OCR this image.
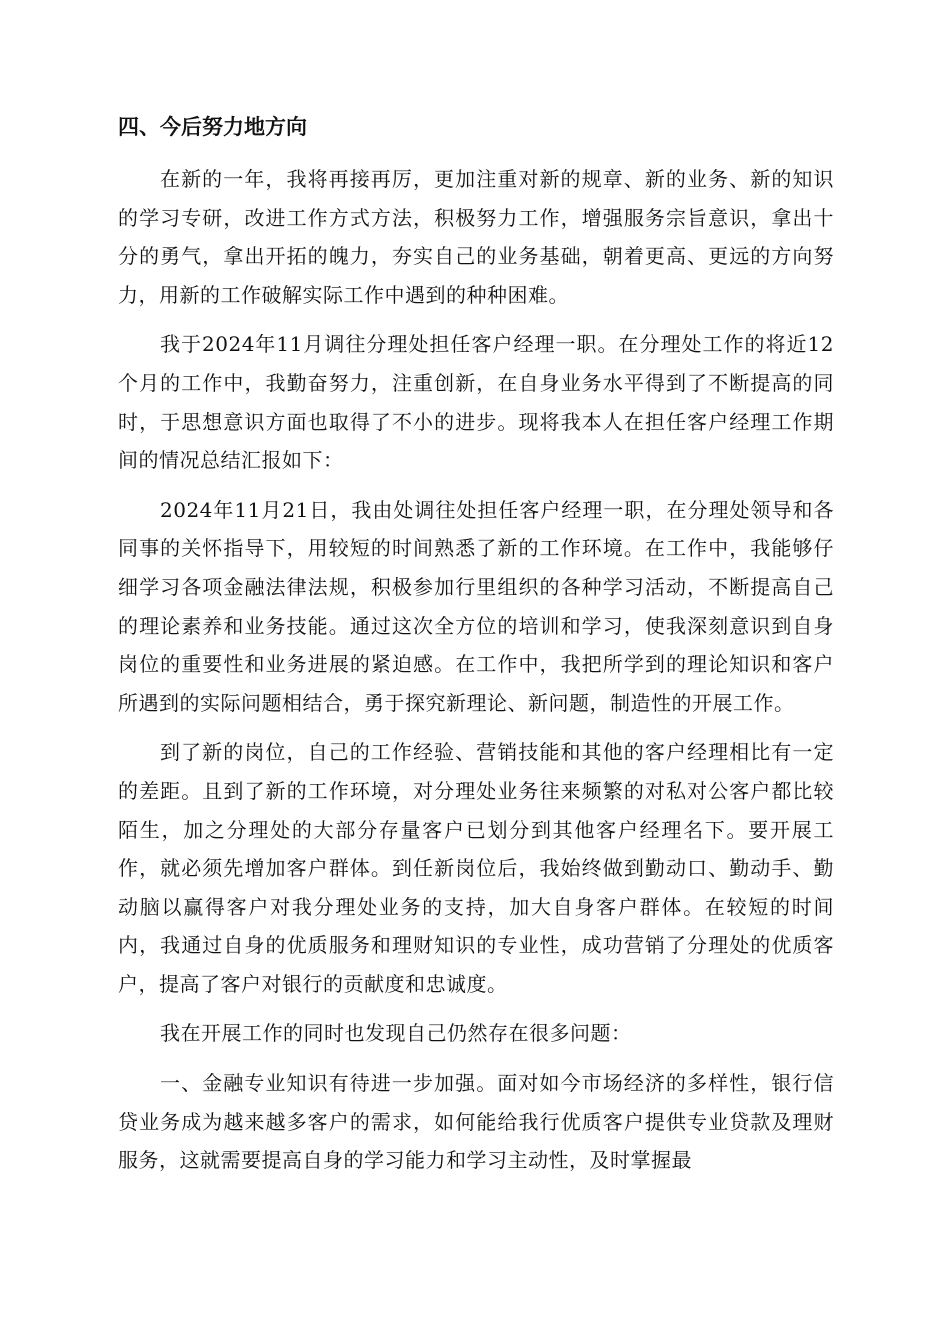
四、今后努力地方向

在新的一年，我将再接再厉，更加注重对新的规章、新的业务、新的知识的学习专研，改进工作方式方法，积极努力工作，增强服务宗旨意识，拿出十分的勇气，拿出开拓的魄力，夯实自己的业务基础，朝着更高、更远的方向努力，用新的工作破解实际工作中遇到的种种困难。

我于2024年11月调往分理处担任客户经理一职。在分理处工作的将近12个月的工作中，我勤奋努力，注重创新，在自身业务水平得到了不断提高的同时，于思想意识方面也取得了不小的进步。现将我本人在担任客户经理工作期间的情况总结汇报如下：

2024年11月21日，我由处调往处担任客户经理一职，在分理处领导和各同事的关怀指导下，用较短的时间熟悉了新的工作环境。在工作中，我能够仔细学习各项金融法律法规，积极参加行里组织的各种学习活动，不断提高自己的理论素养和业务技能。通过这次全方位的培训和学习，使我深刻意识到自身岗位的重要性和业务进展的紧迫感。在工作中，我把所学到的理论知识和客户所遇到的实际问题相结合，勇于探究新理论、新问题，制造性的开展工作。

到了新的岗位，自己的工作经验、营销技能和其他的客户经理相比有一定的差距。且到了新的工作环境，对分理处业务往来频繁的对私对公客户都比较陌生，加之分理处的大部分存量客户已划分到其他客户经理名下。要开展工作，就必须先增加客户群体。到任新岗位后，我始终做到勤动口、勤动手、勤动脑以赢得客户对我分理处业务的支持，加大自身客户群体。在较短的时间内，我通过自身的优质服务和理财知识的专业性，成功营销了分理处的优质客户，提高了客户对银行的贡献度和忠诚度。

我在开展工作的同时也发现自己仍然存在很多问题：

一、金融专业知识有待进一步加强。面对如今市场经济的多样性，银行信贷业务成为越来越多客户的需求，如何能给我行优质客户提供专业贷款及理财服务，这就需要提高自身的学习能力和学习主动性，及时掌握最
